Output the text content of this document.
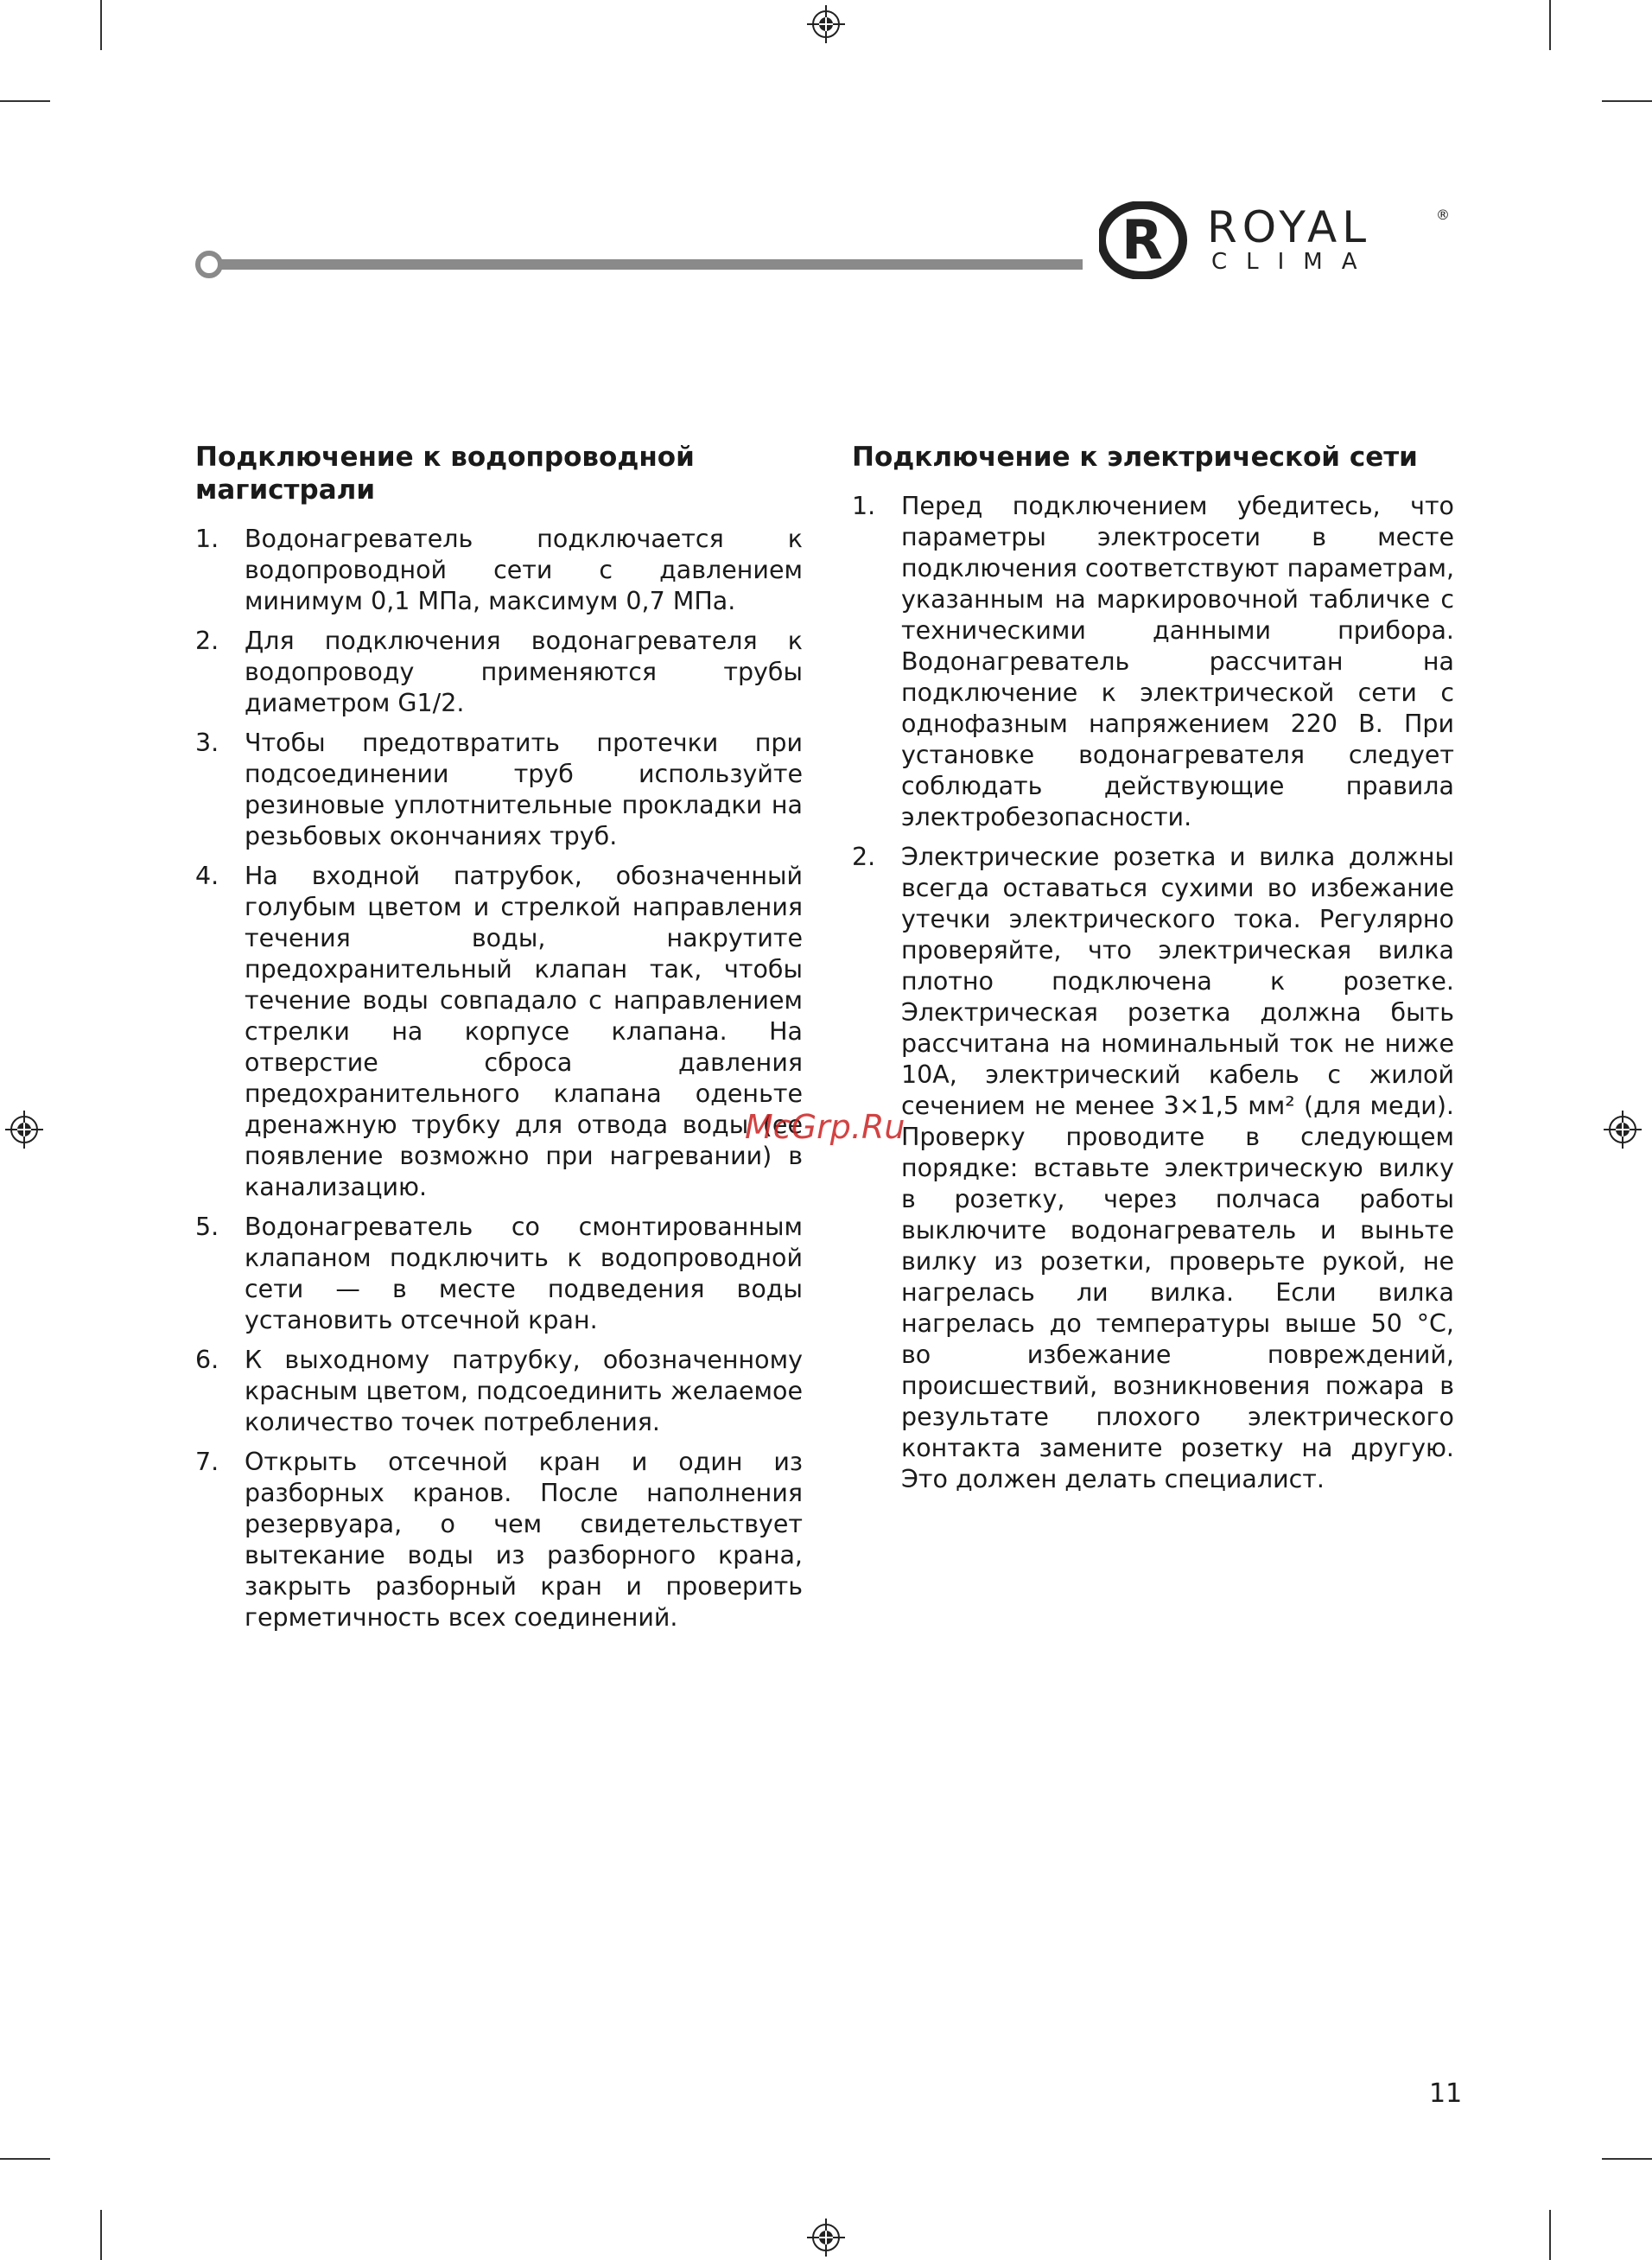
R ROYAL	®
CLIMA
Подключение к водопроводной магистрали
1. Водонагреватель подключается к водопроводной сети с давлением минимум 0,1 МПа, максимум 0,7 МПа.
2. Для подключения водонагревателя к водопроводу применяются трубы диаметром G1/2.
3. Чтобы предотвратить протечки при подсоединении труб используйте резиновые уплотнительные прокладки на резьбовых окончаниях труб.
4. На входной патрубок, обозначенный голубым цветом и стрелкой направления течения воды, накрутите предохранительный клапан так, чтобы течение воды совпадало с направлением стрелки на корпусе клапана. На отверстие сброса давления предохранительного клапана оденьте дренажную трубку для отвода воды (ее появление возможно при нагревании) в канализацию.
5. Водонагреватель со смонтированным клапаном подключить к водопроводной сети — в месте подведения воды установить отсечной кран.
6. К выходному патрубку, обозначенному красным цветом, подсоединить желаемое количество точек потребления.
7. Открыть отсечной кран и один из разборных кранов. После наполнения резервуара, о чем свидетельствует вытекание воды из разборного крана, закрыть разборный кран и проверить герметичность всех соединений.
Подключение к электрической сети
1. Перед подключением убедитесь, что параметры электросети в месте подключения соответствуют параметрам, указанным на маркировочной табличке с техническими данными прибора. Водонагреватель рассчитан на подключение к электрической сети с однофазным напряжением 220 В. При установке водонагревателя следует соблюдать действующие правила электробезопасности.
2. Электрические розетка и вилка должны всегда оставаться сухими во избежание утечки электрического тока. Регулярно проверяйте, что электрическая вилка плотно подключена к розетке. Электрическая розетка должна быть рассчитана на номинальный ток не ниже 10А, электрический кабель с жилой сечением не менее 3×1,5 мм² (для меди). Проверку проводите в следующем порядке: вставьте электрическую вилку в розетку, через полчаса работы выключите водонагреватель и выньте вилку из розетки, проверьте рукой, не нагрелась ли вилка. Если вилка нагрелась до температуры выше 50 °C, во избежание повреждений, происшествий, возникновения пожара в результате плохого электрического контакта замените розетку на другую. Это должен делать специалист.
McGrp.Ru
11
